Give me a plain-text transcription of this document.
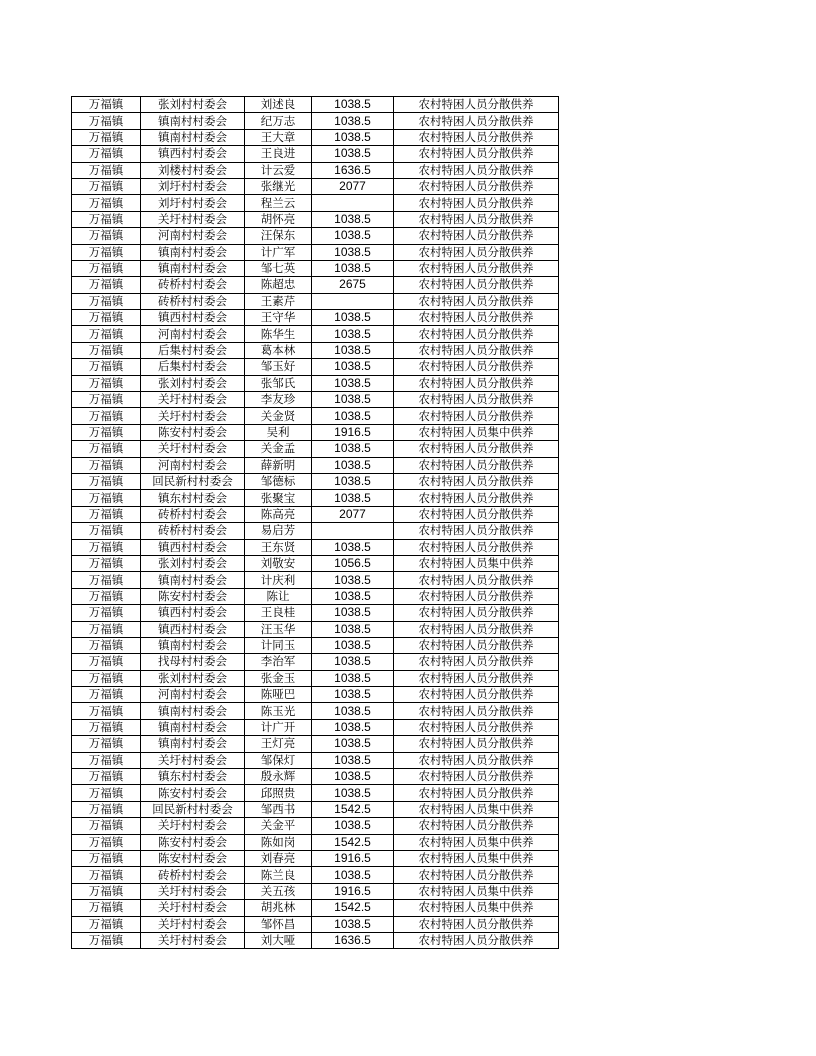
万福镇	张刘村村委会	刘述良	1038.5	农村特困人员分散供养
万福镇	镇南村村委会	纪万志	1038.5	农村特困人员分散供养
万福镇	镇南村村委会	王大章	1038.5	农村特困人员分散供养
万福镇	镇西村村委会	王良进	1038.5	农村特困人员分散供养
万福镇	刘楼村村委会	计云爱	1636.5	农村特困人员分散供养
万福镇	刘圩村村委会	张继光	2077	农村特困人员分散供养
万福镇	刘圩村村委会	程兰云		农村特困人员分散供养
万福镇	关圩村村委会	胡怀亮	1038.5	农村特困人员分散供养
万福镇	河南村村委会	汪保东	1038.5	农村特困人员分散供养
万福镇	镇南村村委会	计广军	1038.5	农村特困人员分散供养
万福镇	镇南村村委会	邹七英	1038.5	农村特困人员分散供养
万福镇	砖桥村村委会	陈超忠	2675	农村特困人员分散供养
万福镇	砖桥村村委会	王素芹		农村特困人员分散供养
万福镇	镇西村村委会	王守华	1038.5	农村特困人员分散供养
万福镇	河南村村委会	陈华生	1038.5	农村特困人员分散供养
万福镇	后集村村委会	葛本林	1038.5	农村特困人员分散供养
万福镇	后集村村委会	邹玉好	1038.5	农村特困人员分散供养
万福镇	张刘村村委会	张邹氏	1038.5	农村特困人员分散供养
万福镇	关圩村村委会	李友珍	1038.5	农村特困人员分散供养
万福镇	关圩村村委会	关金贤	1038.5	农村特困人员分散供养
万福镇	陈安村村委会	吴利	1916.5	农村特困人员集中供养
万福镇	关圩村村委会	关金孟	1038.5	农村特困人员分散供养
万福镇	河南村村委会	薛新明	1038.5	农村特困人员分散供养
万福镇	回民新村村委会	邹德标	1038.5	农村特困人员分散供养
万福镇	镇东村村委会	张聚宝	1038.5	农村特困人员分散供养
万福镇	砖桥村村委会	陈高亮	2077	农村特困人员分散供养
万福镇	砖桥村村委会	易启芳		农村特困人员分散供养
万福镇	镇西村村委会	王东贤	1038.5	农村特困人员分散供养
万福镇	张刘村村委会	刘敬安	1056.5	农村特困人员集中供养
万福镇	镇南村村委会	计庆利	1038.5	农村特困人员分散供养
万福镇	陈安村村委会	陈让	1038.5	农村特困人员分散供养
万福镇	镇西村村委会	王良桂	1038.5	农村特困人员分散供养
万福镇	镇西村村委会	汪玉华	1038.5	农村特困人员分散供养
万福镇	镇南村村委会	计同玉	1038.5	农村特困人员分散供养
万福镇	找母村村委会	李治军	1038.5	农村特困人员分散供养
万福镇	张刘村村委会	张金玉	1038.5	农村特困人员分散供养
万福镇	河南村村委会	陈哑巴	1038.5	农村特困人员分散供养
万福镇	镇南村村委会	陈玉光	1038.5	农村特困人员分散供养
万福镇	镇南村村委会	计广开	1038.5	农村特困人员分散供养
万福镇	镇南村村委会	王灯亮	1038.5	农村特困人员分散供养
万福镇	关圩村村委会	邹保灯	1038.5	农村特困人员分散供养
万福镇	镇东村村委会	殷永辉	1038.5	农村特困人员分散供养
万福镇	陈安村村委会	邱照贵	1038.5	农村特困人员分散供养
万福镇	回民新村村委会	邹西书	1542.5	农村特困人员集中供养
万福镇	关圩村村委会	关金平	1038.5	农村特困人员分散供养
万福镇	陈安村村委会	陈如岗	1542.5	农村特困人员集中供养
万福镇	陈安村村委会	刘春亮	1916.5	农村特困人员集中供养
万福镇	砖桥村村委会	陈兰良	1038.5	农村特困人员分散供养
万福镇	关圩村村委会	关五孩	1916.5	农村特困人员集中供养
万福镇	关圩村村委会	胡兆林	1542.5	农村特困人员集中供养
万福镇	关圩村村委会	邹怀昌	1038.5	农村特困人员分散供养
万福镇	关圩村村委会	刘大哑	1636.5	农村特困人员分散供养
